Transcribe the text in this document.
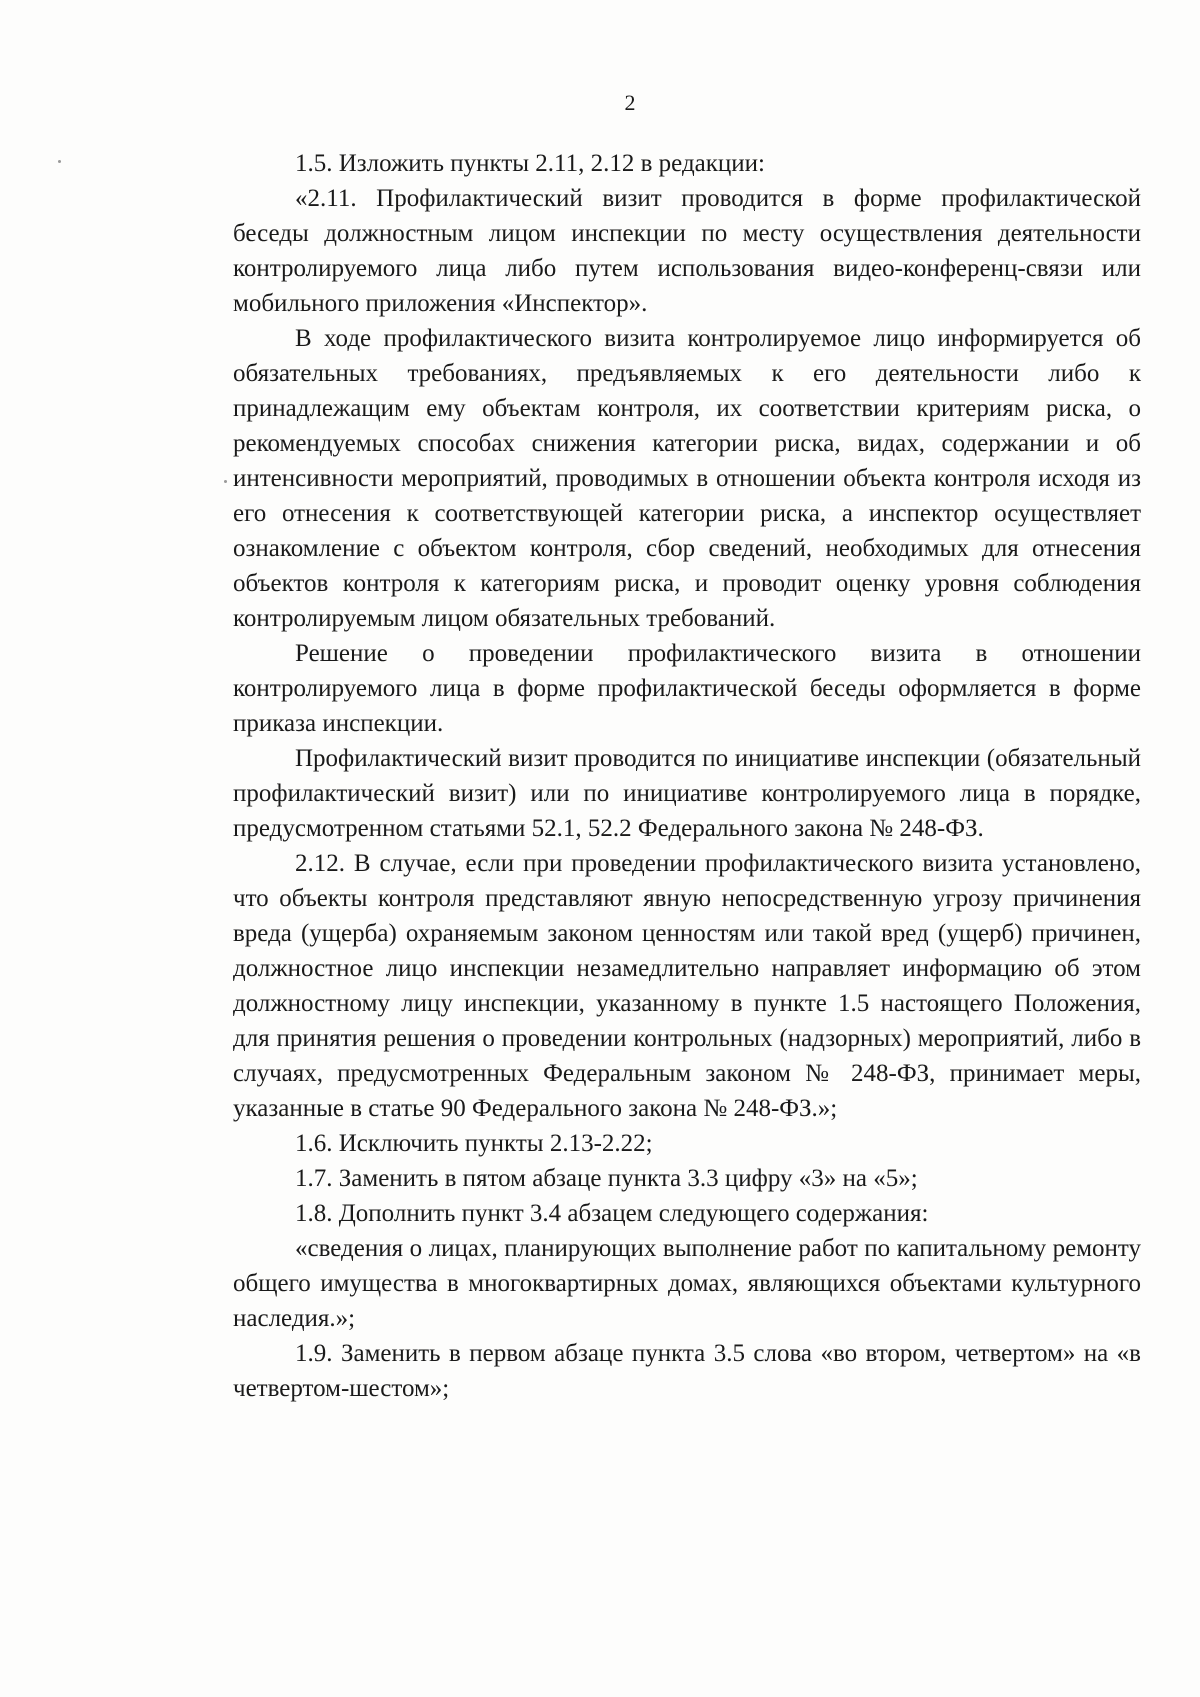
2

1.5. Изложить пункты 2.11, 2.12 в редакции:

«2.11. Профилактический визит проводится в форме профилактической беседы должностным лицом инспекции по месту осуществления деятельности контролируемого лица либо путем использования видео-конференц-связи или мобильного приложения «Инспектор».

В ходе профилактического визита контролируемое лицо информируется об обязательных требованиях, предъявляемых к его деятельности либо к принадлежащим ему объектам контроля, их соответствии критериям риска, о рекомендуемых способах снижения категории риска, видах, содержании и об интенсивности мероприятий, проводимых в отношении объекта контроля исходя из его отнесения к соответствующей категории риска, а инспектор осуществляет ознакомление с объектом контроля, сбор сведений, необходимых для отнесения объектов контроля к категориям риска, и проводит оценку уровня соблюдения контролируемым лицом обязательных требований.

Решение о проведении профилактического визита в отношении контролируемого лица в форме профилактической беседы оформляется в форме приказа инспекции.

Профилактический визит проводится по инициативе инспекции (обязательный профилактический визит) или по инициативе контролируемого лица в порядке, предусмотренном статьями 52.1, 52.2 Федерального закона № 248-ФЗ.

2.12. В случае, если при проведении профилактического визита установлено, что объекты контроля представляют явную непосредственную угрозу причинения вреда (ущерба) охраняемым законом ценностям или такой вред (ущерб) причинен, должностное лицо инспекции незамедлительно направляет информацию об этом должностному лицу инспекции, указанному в пункте 1.5 настоящего Положения, для принятия решения о проведении контрольных (надзорных) мероприятий, либо в случаях, предусмотренных Федеральным законом № 248-ФЗ, принимает меры, указанные в статье 90 Федерального закона № 248-ФЗ.»;

1.6. Исключить пункты 2.13-2.22;

1.7. Заменить в пятом абзаце пункта 3.3 цифру «3» на «5»;

1.8. Дополнить пункт 3.4 абзацем следующего содержания:

«сведения о лицах, планирующих выполнение работ по капитальному ремонту общего имущества в многоквартирных домах, являющихся объектами культурного наследия.»;

1.9. Заменить в первом абзаце пункта 3.5 слова «во втором, четвертом» на «в четвертом-шестом»;
